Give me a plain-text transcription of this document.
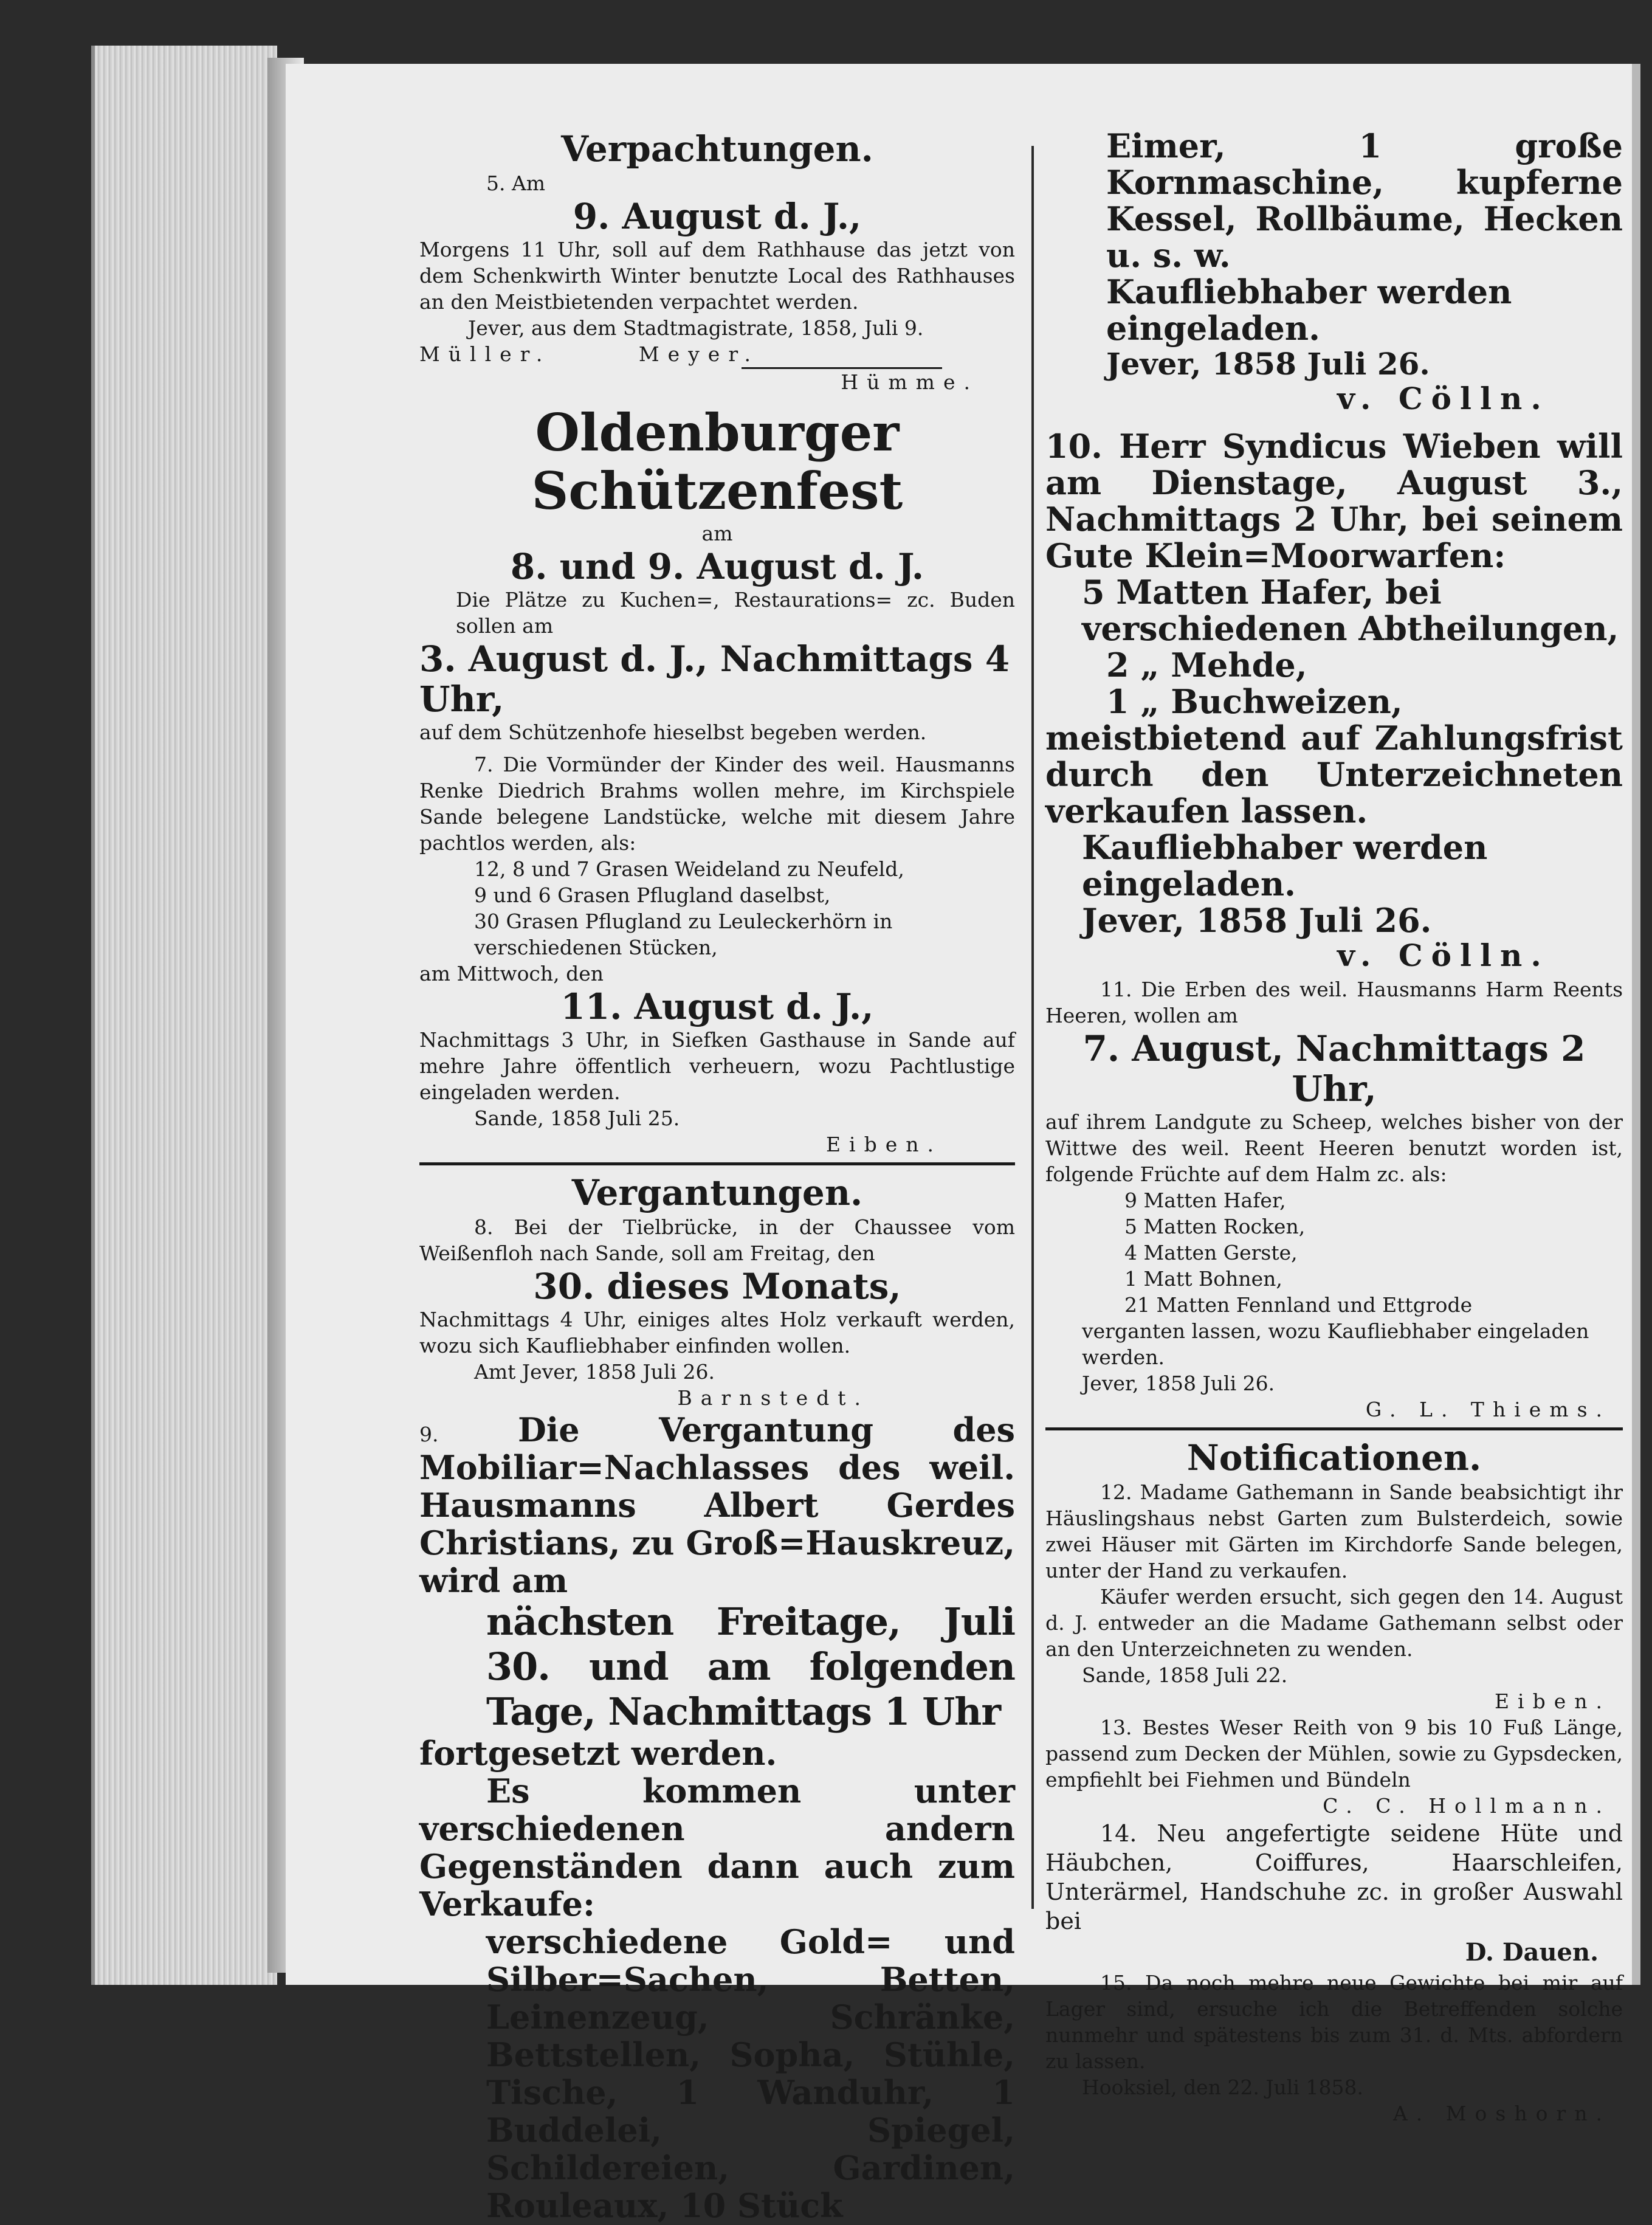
Verpachtungen.

5. Am

9. August d. J.,

Morgens 11 Uhr, soll auf dem Rathhause das jetzt von dem Schenkwirth Winter benutzte Local des Rathhauses an den Meistbietenden verpachtet werden.

Jever, aus dem Stadtmagistrate, 1858, Juli 9.

Müller.	Meyer.

Hümme.

Oldenburger Schützenfest

am

8. und 9. August d. J.

Die Plätze zu Kuchen=, Restaurations= zc. Buden sollen am

3. August d. J., Nachmittags 4 Uhr,

auf dem Schützenhofe hieselbst begeben werden.

7. Die Vormünder der Kinder des weil. Hausmanns Renke Diedrich Brahms wollen mehre, im Kirchspiele Sande belegene Landstücke, welche mit diesem Jahre pachtlos werden, als:

12, 8 und 7 Grasen Weideland zu Neufeld,

9 und 6 Grasen Pflugland daselbst,

30 Grasen Pflugland zu Leuleckerhörn in verschiedenen Stücken,

am Mittwoch, den

11. August d. J.,

Nachmittags 3 Uhr, in Siefken Gasthause in Sande auf mehre Jahre öffentlich verheuern, wozu Pachtlustige eingeladen werden.

Sande, 1858 Juli 25.

Eiben.

Vergantungen.

8. Bei der Tielbrücke, in der Chaussee vom Weißenfloh nach Sande, soll am Freitag, den

30. dieses Monats,

Nachmittags 4 Uhr, einiges altes Holz verkauft werden, wozu sich Kaufliebhaber einfinden wollen.

Amt Jever, 1858 Juli 26.

Barnstedt.

9. Die Vergantung des Mobiliar=Nachlasses des weil. Hausmanns Albert Gerdes Christians, zu Groß=Hauskreuz, wird am

nächsten Freitage, Juli 30. und am folgenden Tage, Nachmittags 1 Uhr

fortgesetzt werden.

Es kommen unter verschiedenen andern Gegenständen dann auch zum Verkaufe:

verschiedene Gold= und Silber=Sachen, Betten, Leinenzeug, Schränke, Bettstellen, Sopha, Stühle, Tische, 1 Wanduhr, 1 Buddelei, Spiegel, Schildereien, Gardinen, Rouleaux, 10 Stück

Eimer, 1 große Kornmaschine, kupferne Kessel, Rollbäume, Hecken u. s. w.

Kaufliebhaber werden eingeladen.

Jever, 1858 Juli 26.

v. Cölln.

10. Herr Syndicus Wieben will am Dienstage, August 3., Nachmittags 2 Uhr, bei seinem Gute Klein=Moorwarfen:

5 Matten Hafer, bei verschiedenen Abtheilungen,

2 „ Mehde,

1 „ Buchweizen,

meistbietend auf Zahlungsfrist durch den Unterzeichneten verkaufen lassen.

Kaufliebhaber werden eingeladen.

Jever, 1858 Juli 26.

v. Cölln.

11. Die Erben des weil. Hausmanns Harm Reents Heeren, wollen am

7. August, Nachmittags 2 Uhr,

auf ihrem Landgute zu Scheep, welches bisher von der Wittwe des weil. Reent Heeren benutzt worden ist, folgende Früchte auf dem Halm zc. als:

9 Matten Hafer,

5 Matten Rocken,

4 Matten Gerste,

1 Matt Bohnen,

21 Matten Fennland und Ettgrode

verganten lassen, wozu Kaufliebhaber eingeladen werden.

Jever, 1858 Juli 26.

G. L. Thiems.

Notificationen.

12. Madame Gathemann in Sande beabsichtigt ihr Häuslingshaus nebst Garten zum Bulsterdeich, sowie zwei Häuser mit Gärten im Kirchdorfe Sande belegen, unter der Hand zu verkaufen.

Käufer werden ersucht, sich gegen den 14. August d. J. entweder an die Madame Gathemann selbst oder an den Unterzeichneten zu wenden.

Sande, 1858 Juli 22.

Eiben.

13. Bestes Weser Reith von 9 bis 10 Fuß Länge, passend zum Decken der Mühlen, sowie zu Gypsdecken, empfiehlt bei Fiehmen und Bündeln

C. C. Hollmann.

14. Neu angefertigte seidene Hüte und Häubchen, Coiffures, Haarschleifen, Unterärmel, Handschuhe zc. in großer Auswahl bei

D. Dauen.

15. Da noch mehre neue Gewichte bei mir auf Lager sind, ersuche ich die Betreffenden solche nunmehr und spätestens bis zum 31. d. Mts. abfordern zu lassen.

Hooksiel, den 22. Juli 1858.

A. Moshorn.
